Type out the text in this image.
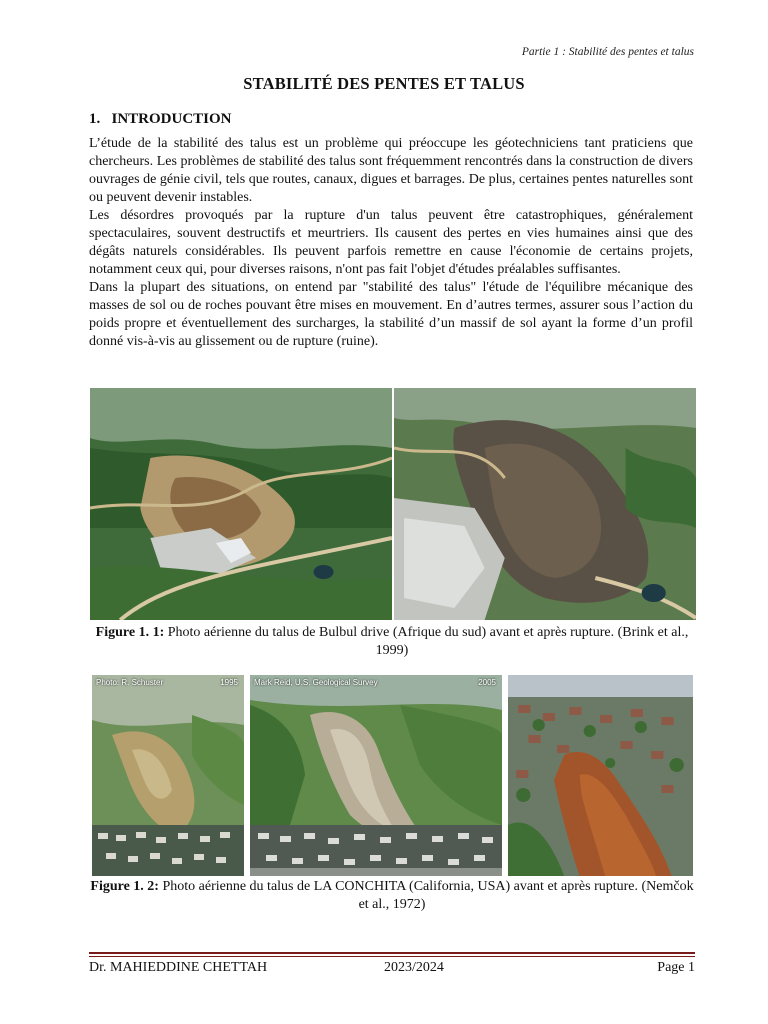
Partie 1 : Stabilité des pentes et talus
STABILITÉ DES PENTES ET TALUS
1. INTRODUCTION

L’étude de la stabilité des talus est un problème qui préoccupe les géotechniciens tant praticiens que chercheurs. Les problèmes de stabilité des talus sont fréquemment rencontrés dans la construction de divers ouvrages de génie civil, tels que routes, canaux, digues et barrages. De plus, certaines pentes naturelles sont ou peuvent devenir instables.

Les désordres provoqués par la rupture d'un talus peuvent être catastrophiques, généralement spectaculaires, souvent destructifs et meurtriers. Ils causent des pertes en vies humaines ainsi que des dégâts naturels considérables. Ils peuvent parfois remettre en cause l'économie de certains projets, notamment ceux qui, pour diverses raisons, n'ont pas fait l'objet d'études préalables suffisantes.

Dans la plupart des situations, on entend par "stabilité des talus" l'étude de l'équilibre mécanique des masses de sol ou de roches pouvant être mises en mouvement. En d’autres termes, assurer sous l’action du poids propre et éventuellement des surcharges, la stabilité d’un massif de sol ayant la forme d’un profil donné vis-à-vis au glissement ou de rupture (ruine).

Figure 1. 1: Photo aérienne du talus de Bulbul drive (Afrique du sud) avant et après rupture. (Brink et al., 1999)
Photo: R. Schuster	1995 Mark Reid, U.S. Geological Survey	2005
Figure 1. 2: Photo aérienne du talus de LA CONCHITA (California, USA) avant et après rupture. (Nemčok et al., 1972)
Dr. MAHIEDDINE CHETTAH	2023/2024	Page 1
